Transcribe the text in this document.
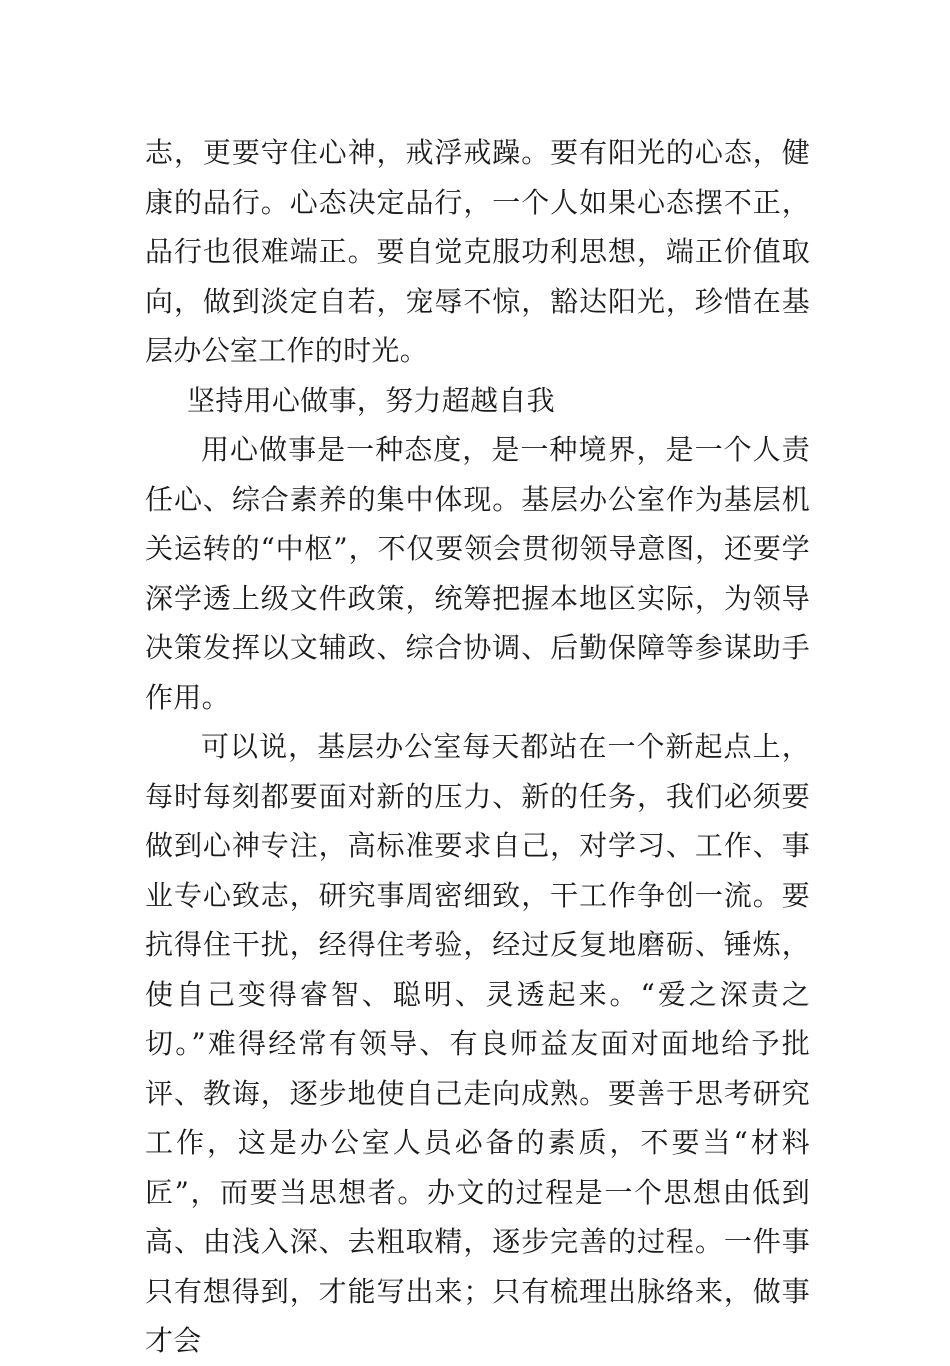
志，更要守住心神，戒浮戒躁。要有阳光的心态，健康的品行。心态决定品行，一个人如果心态摆不正，品行也很难端正。要自觉克服功利思想，端正价值取向，做到淡定自若，宠辱不惊，豁达阳光，珍惜在基层办公室工作的时光。

坚持用心做事，努力超越自我

用心做事是一种态度，是一种境界，是一个人责任心、综合素养的集中体现。基层办公室作为基层机关运转的“中枢”，不仅要领会贯彻领导意图，还要学深学透上级文件政策，统筹把握本地区实际，为领导决策发挥以文辅政、综合协调、后勤保障等参谋助手作用。

可以说，基层办公室每天都站在一个新起点上，每时每刻都要面对新的压力、新的任务，我们必须要做到心神专注，高标准要求自己，对学习、工作、事业专心致志，研究事周密细致，干工作争创一流。要抗得住干扰，经得住考验，经过反复地磨砺、锤炼，使自己变得睿智、聪明、灵透起来。“爱之深责之切。”难得经常有领导、有良师益友面对面地给予批评、教诲，逐步地使自己走向成熟。要善于思考研究工作，这是办公室人员必备的素质，不要当“材料匠”，而要当思想者。办文的过程是一个思想由低到高、由浅入深、去粗取精，逐步完善的过程。一件事只有想得到，才能写出来；只有梳理出脉络来，做事才会
